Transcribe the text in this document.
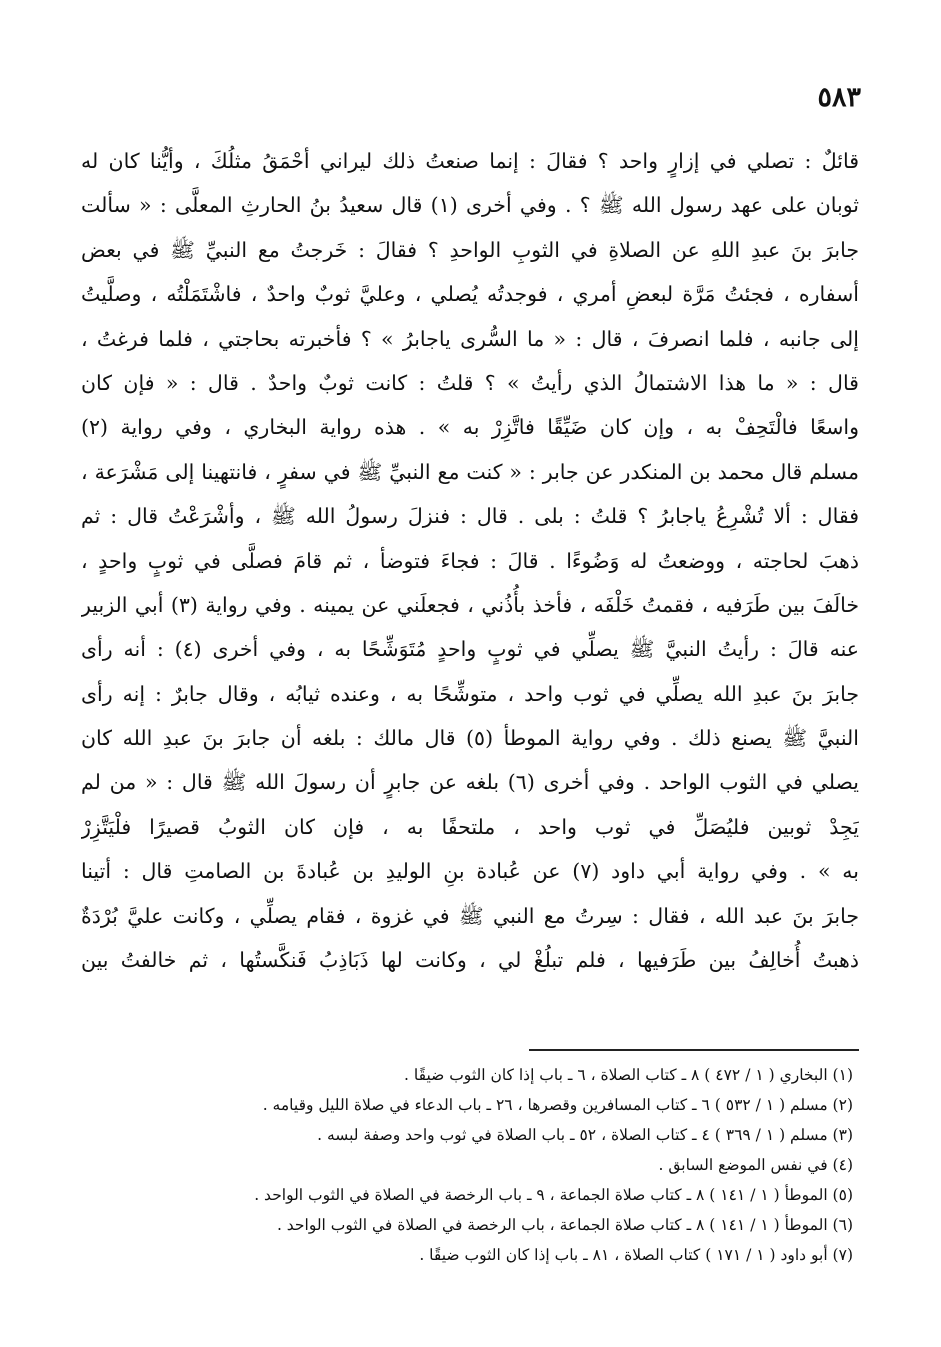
٥٨٣
قائلٌ : تصلي في إزارٍ واحد ؟ فقالَ : إنما صنعتُ ذلك ليراني أحْمَقُ مثلُكَ ، وأيُّنا كان له
ثوبان على عهد رسول الله ﷺ ؟ . وفي أخرى (١) قال سعيدُ بنُ الحارثِ المعلَّى : « سألت
جابرَ بنَ عبدِ اللهِ عن الصلاةِ في الثوبِ الواحدِ ؟ فقالَ : خَرجتُ مع النبيِّ ﷺ في بعض
أسفاره ، فجئتُ مَرَّة لبعضِ أمري ، فوجدتُه يُصلي ، وعليَّ ثوبٌ واحدٌ ، فاشْتَمَلْتُه ، وصلَّيتُ
إلى جانبه ، فلما انصرفَ ، قال : « ما السُّرى ياجابرُ » ؟ فأخبرته بحاجتي ، فلما فرغتُ ،
قال : « ما هذا الاشتمالُ الذي رأيتُ » ؟ قلتُ : كانت ثوبٌ واحدٌ . قال : « فإن كان
واسعًا فالْتَحِفْ به ، وإن كان ضَيِّقًا فاتَّزِرْ به » . هذه رواية البخاري ، وفي رواية (٢)
مسلم قال محمد بن المنكدر عن جابر : « كنت مع النبيِّ ﷺ في سفرٍ ، فانتهينا إلى مَشْرَعة ،
فقال : ألا تُشْرِعُ ياجابرُ ؟ قلتُ : بلى . قال : فنزلَ رسولُ الله ﷺ ، وأشْرَعْتُ قال : ثم
ذهبَ لحاجته ، ووضعتُ له وَضُوءًا . قالَ : فجاءَ فتوضأ ، ثم قامَ فصلَّى في ثوبٍ واحدٍ ،
خالَفَ بين طَرَفيه ، فقمتُ خَلْفَه ، فأخذ بأُذُني ، فجعلَني عن يمينه . وفي رواية (٣) أبي الزبير
عنه قالَ : رأيتُ النبيَّ ﷺ يصلِّي في ثوبٍ واحدٍ مُتَوَشِّحًا به ، وفي أخرى (٤) : أنه رأى
جابرَ بنَ عبدِ الله يصلِّي في ثوب واحد ، متوشِّحًا به ، وعنده ثيابُه ، وقال جابرٌ : إنه رأى
النبيَّ ﷺ يصنع ذلك . وفي رواية الموطأ (٥) قال مالك : بلغه أن جابرَ بنَ عبدِ الله كان
يصلي في الثوب الواحد . وفي أخرى (٦) بلغه عن جابرٍ أن رسولَ الله ﷺ قال : « من لم
يَجِدْ ثوبين فليُصَلِّ في ثوب واحد ، ملتحفًا به ، فإن كان الثوبُ قصيرًا فلْيَتَّزِرْ
به » . وفي رواية أبي داود (٧) عن عُبادة بنِ الوليدِ بن عُبادةَ بن الصامتِ قال : أتينا
جابرَ بنَ عبد الله ، فقال : سِرتُ مع النبي ﷺ في غزوة ، فقام يصلِّي ، وكانت عليَّ بُرْدَةٌ
ذهبتُ أُخالِفُ بين طَرَفيها ، فلم تبلُغْ لي ، وكانت لها ذَبَاذِبُ فَنكَّستُها ، ثم خالفتُ بين
(١) البخاري ( ١ / ٤٧٢ ) ٨ ـ كتاب الصلاة ، ٦ ـ باب إذا كان الثوب ضيقًا .
(٢) مسلم ( ١ / ٥٣٢ ) ٦ ـ كتاب المسافرين وقصرها ، ٢٦ ـ باب الدعاء في صلاة الليل وقيامه .
(٣) مسلم ( ١ / ٣٦٩ ) ٤ ـ كتاب الصلاة ، ٥٢ ـ باب الصلاة في ثوب واحد وصفة لبسه .
(٤) في نفس الموضع السابق .
(٥) الموطأ ( ١ / ١٤١ ) ٨ ـ كتاب صلاة الجماعة ، ٩ ـ باب الرخصة في الصلاة في الثوب الواحد .
(٦) الموطأ ( ١ / ١٤١ ) ٨ ـ كتاب صلاة الجماعة ، باب الرخصة في الصلاة في الثوب الواحد .
(٧) أبو داود ( ١ / ١٧١ ) كتاب الصلاة ، ٨١ ـ باب إذا كان الثوب ضيقًا .
